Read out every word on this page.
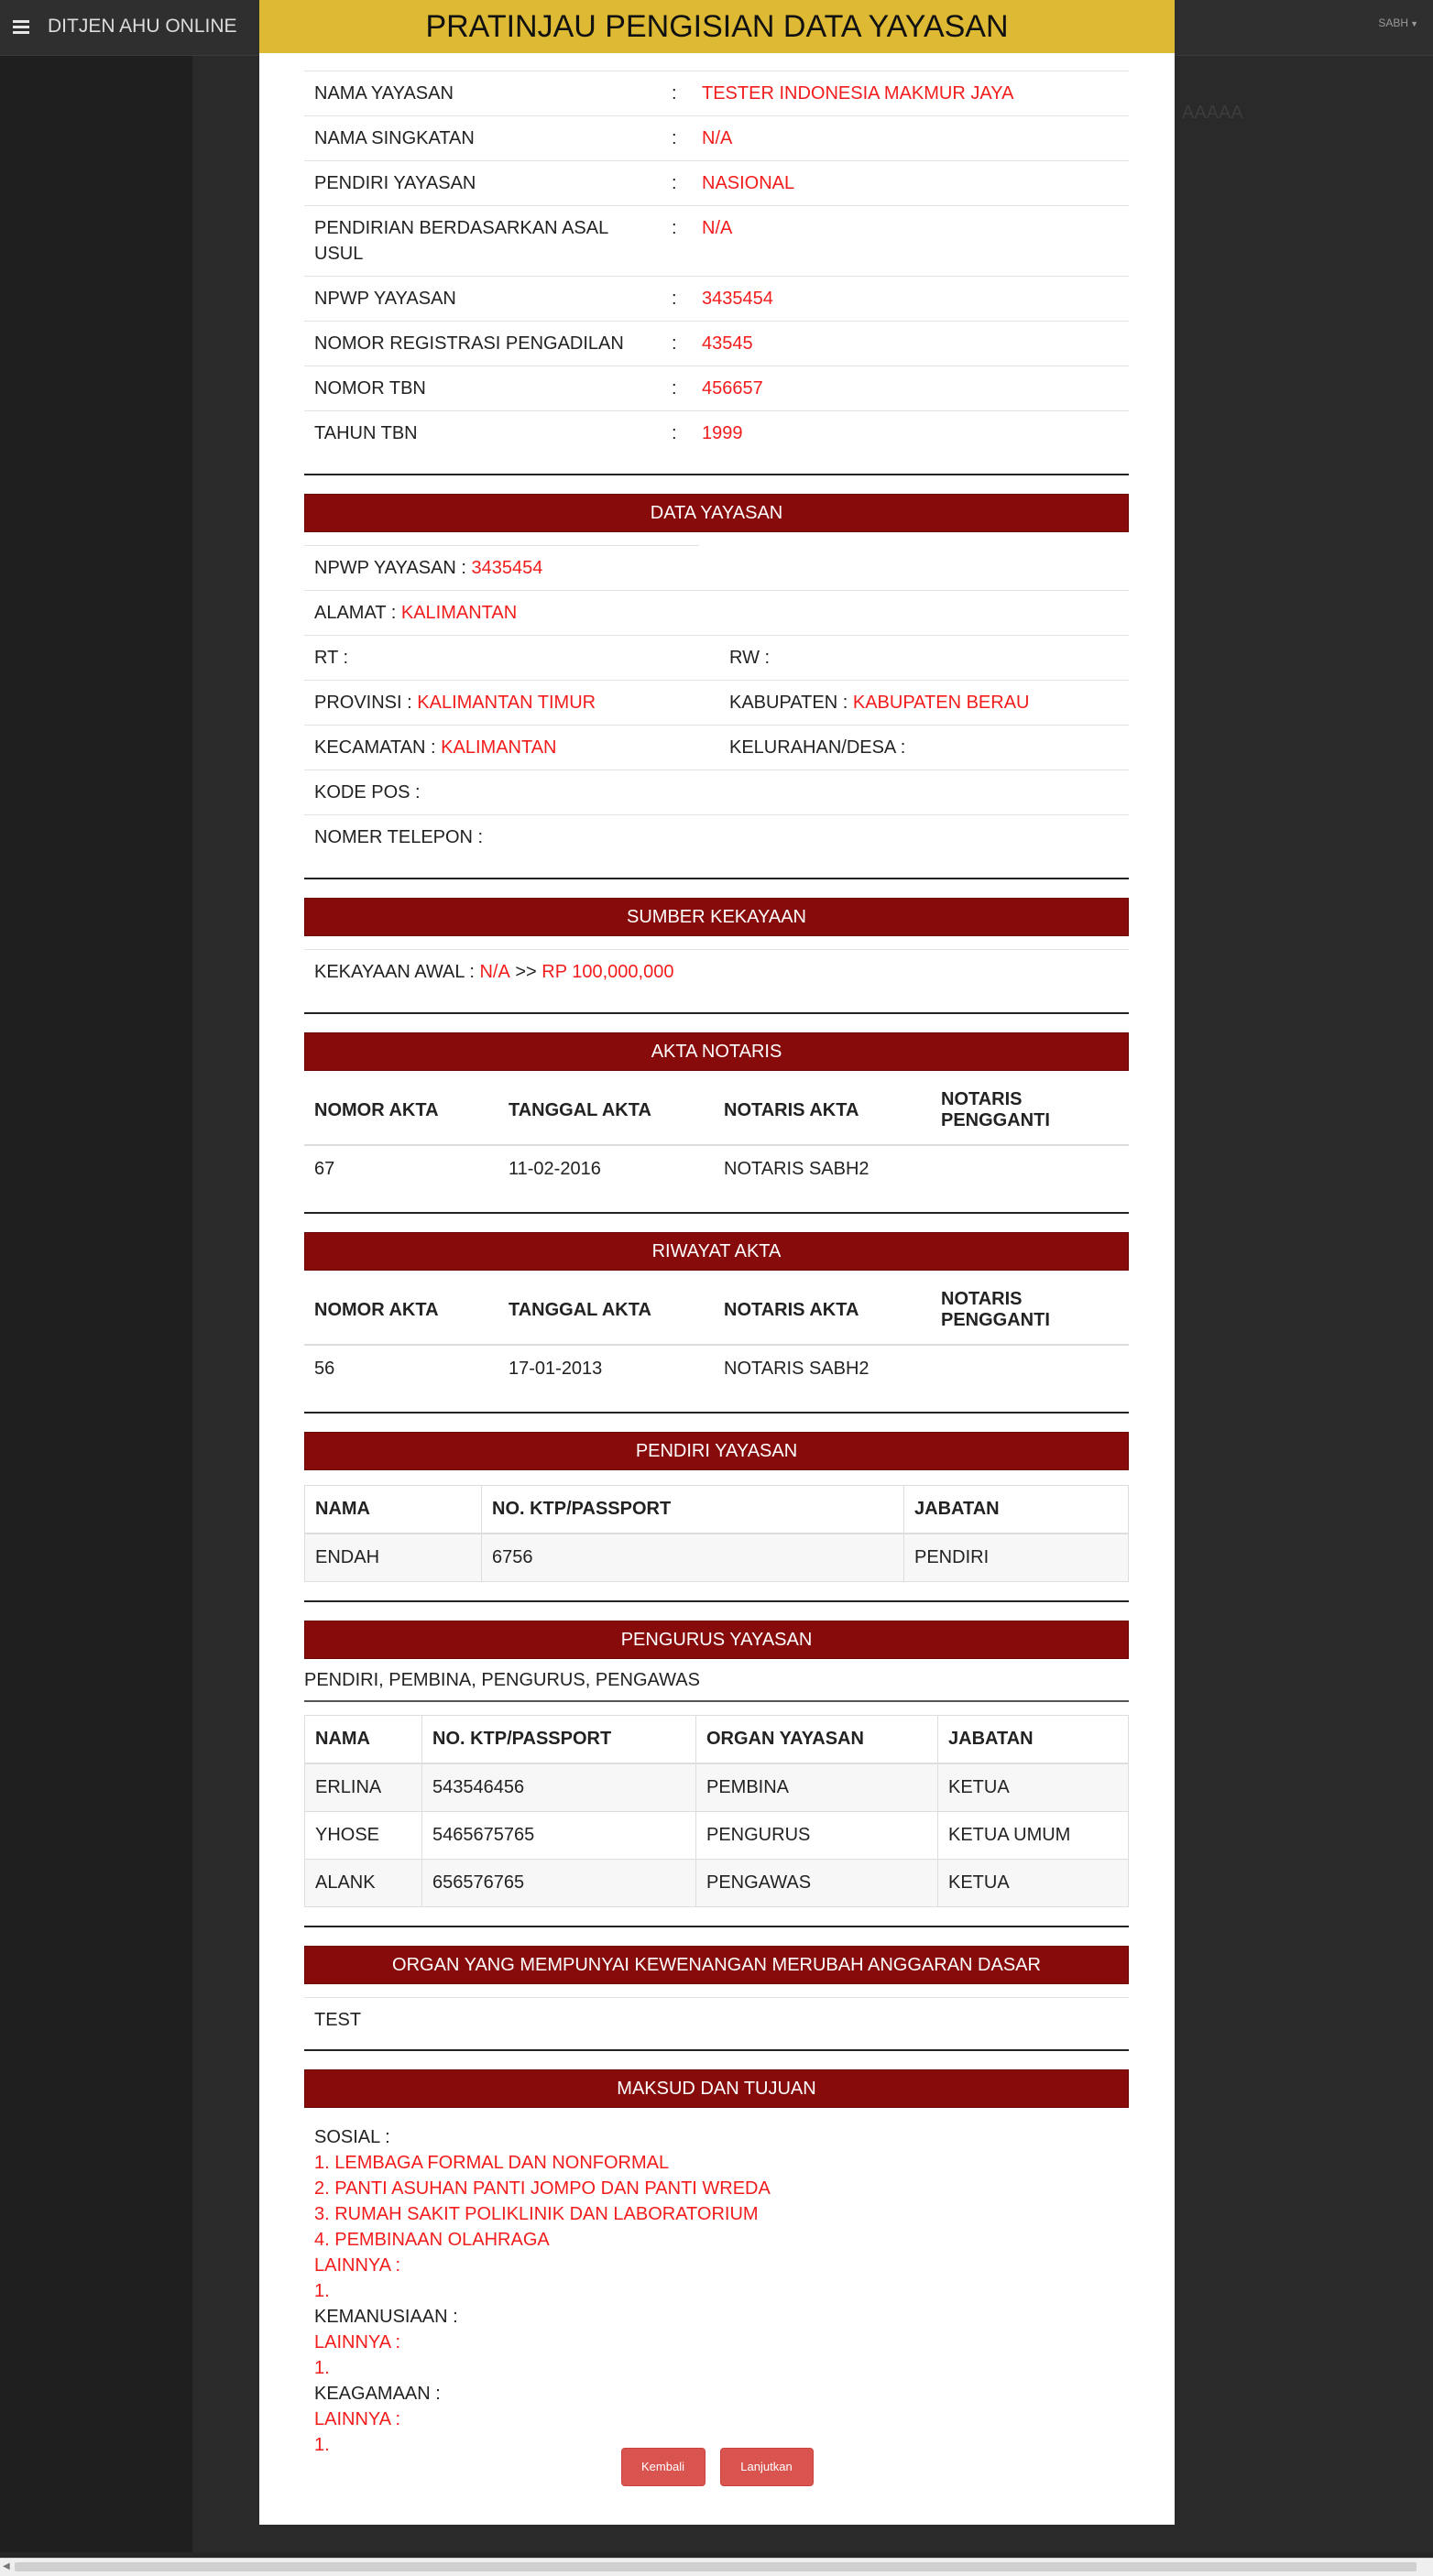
DITJEN AHU ONLINE	SABH ▼
AAAAA
PRATINJAU PENGISIAN DATA YAYASAN
NAMA YAYASAN	:	TESTER INDONESIA MAKMUR JAYA
NAMA SINGKATAN	:	N/A
PENDIRI YAYASAN	:	NASIONAL
PENDIRIAN BERDASARKAN ASAL USUL
:	N/A
NPWP YAYASAN	:	3435454
NOMOR REGISTRASI PENGADILAN	:	43545
NOMOR TBN	:	456657
TAHUN TBN	:	1999
DATA YAYASAN
NPWP YAYASAN :
3435454
ALAMAT :
KALIMANTAN
RT :	RW :
PROVINSI : KALIMANTAN TIMUR	KABUPATEN : KABUPATEN BERAU
KECAMATAN : KALIMANTAN	KELURAHAN/DESA :
KODE POS :

NOMER TELEPON :

SUMBER KEKAYAAN
KEKAYAAN AWAL :
N/A
>>
RP 100,000,000
AKTA NOTARIS
NOMOR AKTA	TANGGAL AKTA	NOTARIS AKTA	NOTARIS PENGGANTI
67	11-02-2016	NOTARIS SABH2	
RIWAYAT AKTA
NOMOR AKTA	TANGGAL AKTA	NOTARIS AKTA	NOTARIS PENGGANTI
56	17-01-2013	NOTARIS SABH2	
PENDIRI YAYASAN
NAMA	NO. KTP/PASSPORT	JABATAN
ENDAH	6756	PENDIRI
PENGURUS YAYASAN
PENDIRI, PEMBINA, PENGURUS, PENGAWAS
NAMA	NO. KTP/PASSPORT	ORGAN YAYASAN	JABATAN
ERLINA	543546456	PEMBINA	KETUA
YHOSE	5465675765	PENGURUS	KETUA UMUM
ALANK	656576765	PENGAWAS	KETUA
ORGAN YANG MEMPUNYAI KEWENANGAN MERUBAH ANGGARAN DASAR
TEST
MAKSUD DAN TUJUAN
SOSIAL :
1. LEMBAGA FORMAL DAN NONFORMAL
2. PANTI ASUHAN PANTI JOMPO DAN PANTI WREDA
3. RUMAH SAKIT POLIKLINIK DAN LABORATORIUM
4. PEMBINAAN OLAHRAGA
LAINNYA :
1.
KEMANUSIAAN :
LAINNYA :
1.
KEAGAMAAN :
LAINNYA :
1.
Kembali	Lanjutkan
◀
